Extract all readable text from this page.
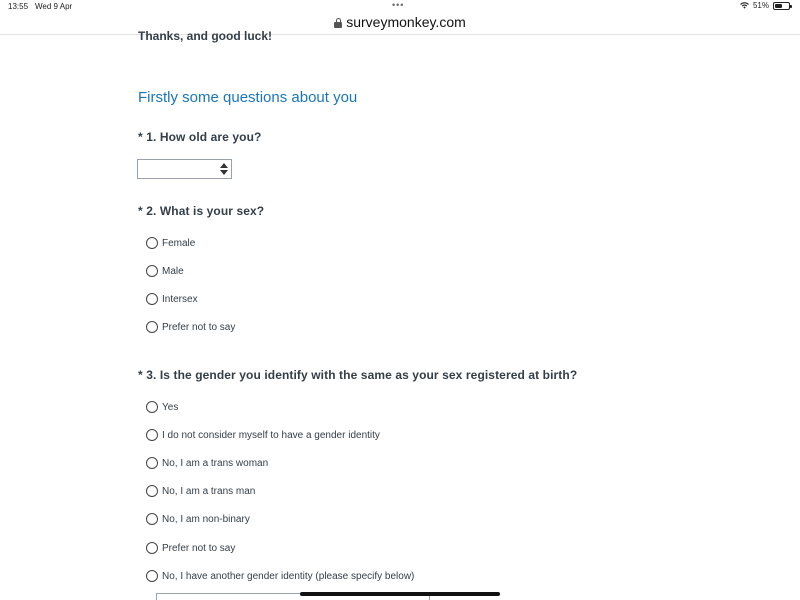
13:55 Wed 9 Apr	•••	51%
surveymonkey.com
Thanks, and good luck!
Firstly some questions about you
* 1. How old are you?
* 2. What is your sex?
Female
Male
Intersex
Prefer not to say
* 3. Is the gender you identify with the same as your sex registered at birth?
Yes
I do not consider myself to have a gender identity
No, I am a trans woman
No, I am a trans man
No, I am non-binary
Prefer not to say
No, I have another gender identity (please specify below)
